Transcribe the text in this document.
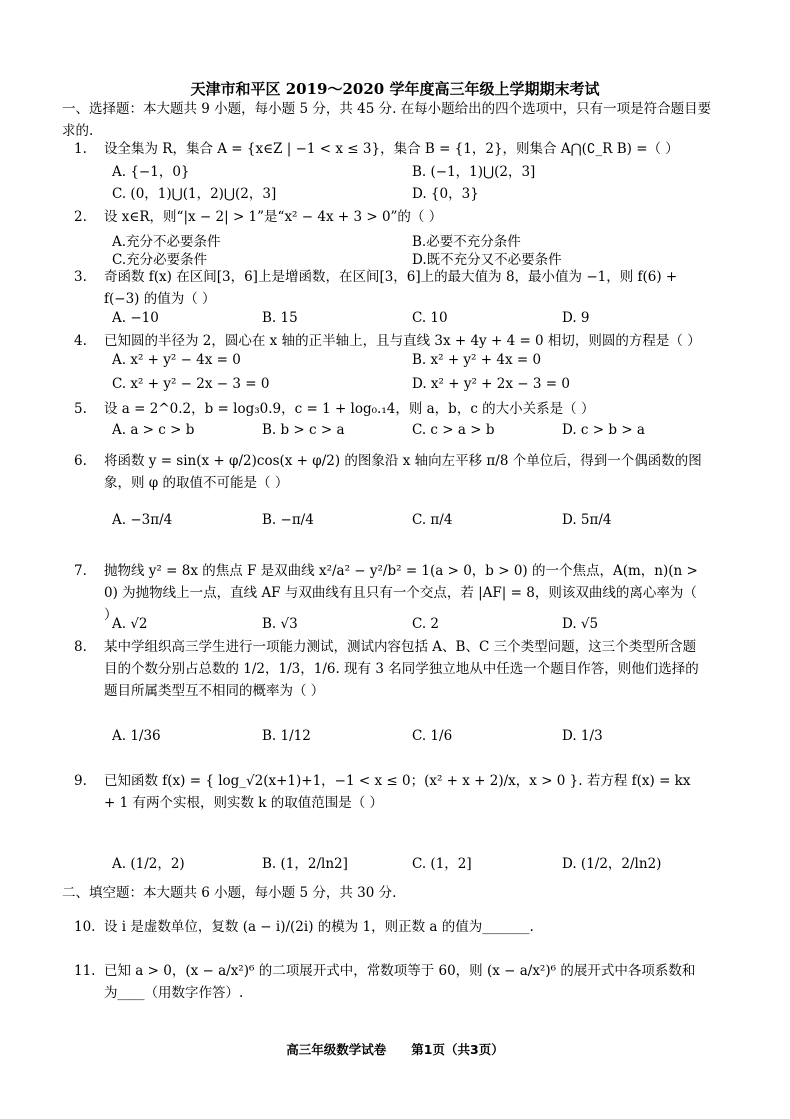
天津市和平区 2019～2020 学年度高三年级上学期期末考试
一、选择题：本大题共 9 小题，每小题 5 分，共 45 分. 在每小题给出的四个选项中，只有一项是符合题目要求的.
1.	设全集为 R，集合 A = {x∈Z | −1 < x ≤ 3}，集合 B = {1，2}，则集合 A⋂(∁_R B) =（ ）
A. {−1，0}	B. (−1，1)⋃(2，3]
C. (0，1)⋃(1，2)⋃(2，3]	D. {0，3}
2.	设 x∈R，则“|x − 2| > 1”是“x² − 4x + 3 > 0”的（ ）
A.充分不必要条件	B.必要不充分条件
C.充分必要条件	D.既不充分又不必要条件
3.	奇函数 f(x) 在区间[3，6]上是增函数，在区间[3，6]上的最大值为 8，最小值为 −1，则 f(6) + f(−3) 的值为（ ）
A. −10	B. 15	C. 10	D. 9
4.	已知圆的半径为 2，圆心在 x 轴的正半轴上，且与直线 3x + 4y + 4 = 0 相切，则圆的方程是（ ）
A. x² + y² − 4x = 0	B. x² + y² + 4x = 0
C. x² + y² − 2x − 3 = 0	D. x² + y² + 2x − 3 = 0
5.	设 a = 2^0.2，b = log₃0.9，c = 1 + log₀.₁4，则 a，b，c 的大小关系是（ ）
A. a > c > b	B. b > c > a	C. c > a > b	D. c > b > a
6.	将函数 y = sin(x + φ/2)cos(x + φ/2) 的图象沿 x 轴向左平移 π/8 个单位后，得到一个偶函数的图象，则 φ 的取值不可能是（ ）
A. −3π/4	B. −π/4	C. π/4	D. 5π/4
7.	抛物线 y² = 8x 的焦点 F 是双曲线 x²/a² − y²/b² = 1(a > 0，b > 0) 的一个焦点，A(m，n)(n > 0) 为抛物线上一点，直线 AF 与双曲线有且只有一个交点，若 |AF| = 8，则该双曲线的离心率为（ ）
A. √2	B. √3	C. 2	D. √5
8.	某中学组织高三学生进行一项能力测试，测试内容包括 A、B、C 三个类型问题，这三个类型所含题目的个数分别占总数的 1/2，1/3，1/6. 现有 3 名同学独立地从中任选一个题目作答，则他们选择的题目所属类型互不相同的概率为（ ）
A. 1/36	B. 1/12	C. 1/6	D. 1/3
9.	已知函数 f(x) = { log_√2(x+1)+1，−1 < x ≤ 0；(x² + x + 2)/x，x > 0 }. 若方程 f(x) = kx + 1 有两个实根，则实数 k 的取值范围是（ ）
A. (1/2，2)	B. (1，2/ln2]	C. (1，2]	D. (1/2，2/ln2)
二、填空题：本大题共 6 小题，每小题 5 分，共 30 分.
10. 设 i 是虚数单位，复数 (a − i)/(2i) 的模为 1，则正数 a 的值为_______.
11. 已知 a > 0，(x − a/x²)⁶ 的二项展开式中，常数项等于 60，则 (x − a/x²)⁶ 的展开式中各项系数和为____（用数字作答）.
高三年级数学试卷　　第1页（共3页）
